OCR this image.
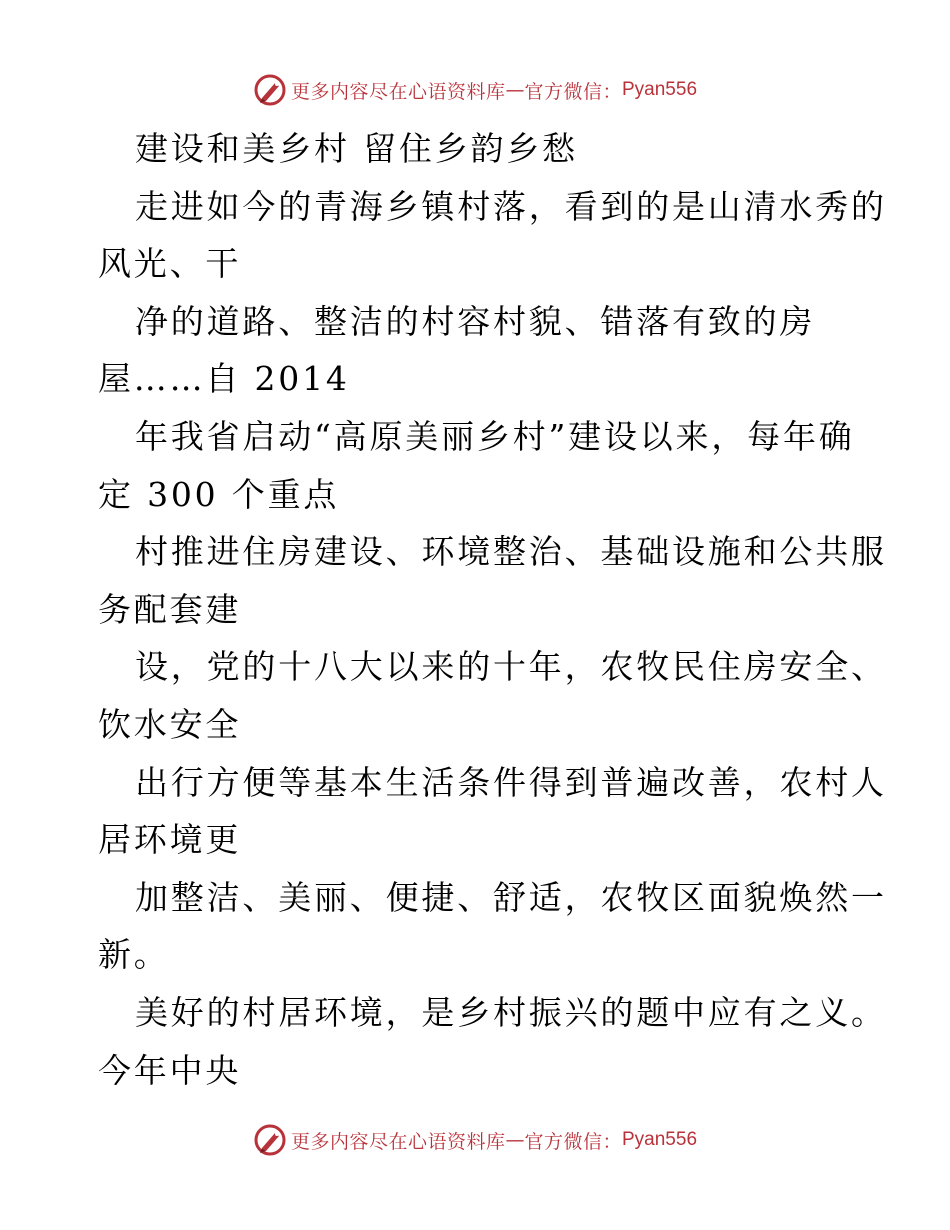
更多内容尽在心语资料库 — 官方微信： Pyan556
建设和美乡村 留住乡韵乡愁
走进如今的青海乡镇村落，看到的是山清水秀的
风光、干
净的道路、整洁的村容村貌、错落有致的房
屋……自 2014
年我省启动“高原美丽乡村”建设以来，每年确
定 300 个重点
村推进住房建设、环境整治、基础设施和公共服
务配套建
设，党的十八大以来的十年，农牧民住房安全、
饮水安全
出行方便等基本生活条件得到普遍改善，农村人
居环境更
加整洁、美丽、便捷、舒适，农牧区面貌焕然一
新。
美好的村居环境，是乡村振兴的题中应有之义。
今年中央
更多内容尽在心语资料库 — 官方微信： Pyan556
